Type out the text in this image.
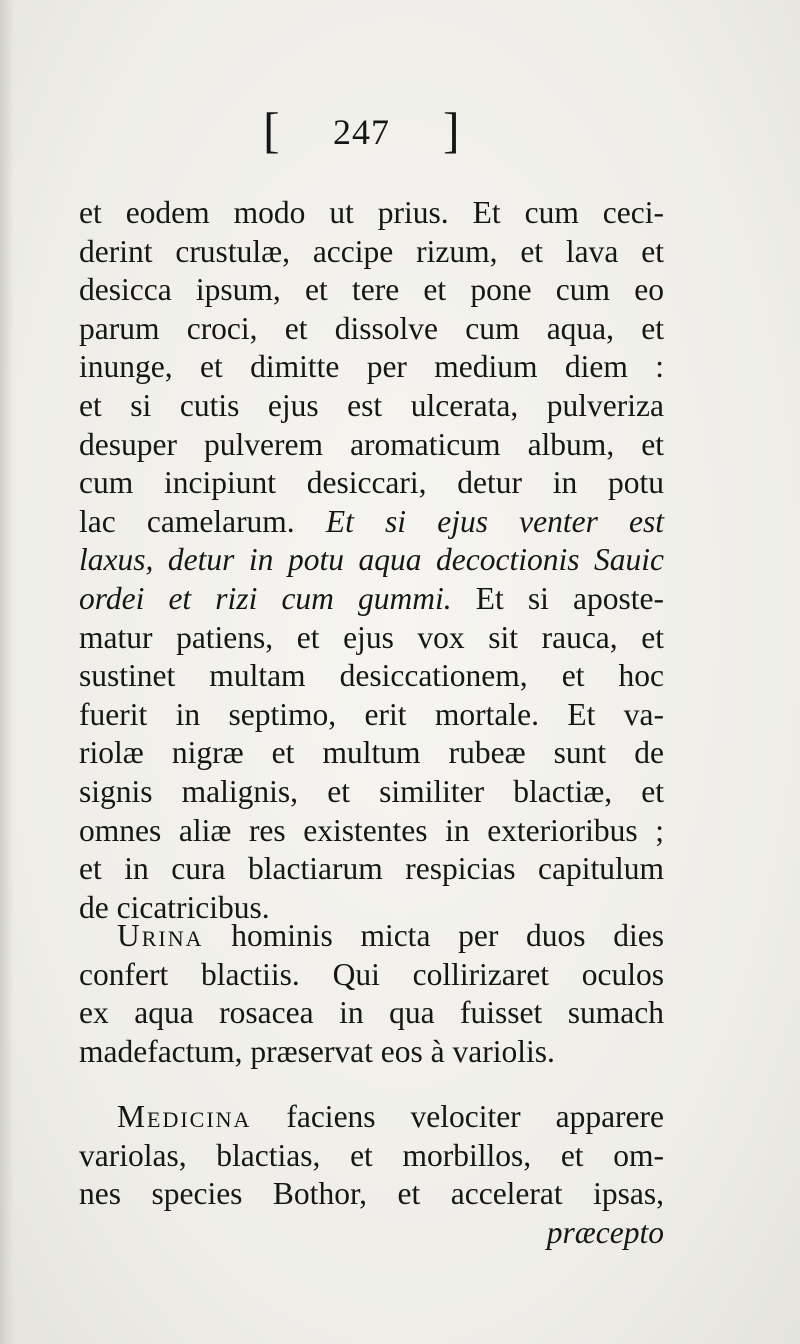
[ 247 ]
et eodem modo ut prius. Et cum ceci-
derint crustulæ, accipe rizum, et lava et
desicca ipsum, et tere et pone cum eo
parum croci, et dissolve cum aqua, et
inunge, et dimitte per medium diem :
et si cutis ejus est ulcerata, pulveriza
desuper pulverem aromaticum album, et
cum incipiunt desiccari, detur in potu
lac camelarum. Et si ejus venter est
laxus, detur in potu aqua decoctionis Sauic
ordei et rizi cum gummi. Et si aposte-
matur patiens, et ejus vox sit rauca, et
sustinet multam desiccationem, et hoc
fuerit in septimo, erit mortale. Et va-
riolæ nigræ et multum rubeæ sunt de
signis malignis, et similiter blactiæ, et
omnes aliæ res existentes in exterioribus ;
et in cura blactiarum respicias capitulum
de cicatricibus.
Urina hominis micta per duos dies
confert blactiis. Qui collirizaret oculos
ex aqua rosacea in qua fuisset sumach
madefactum, præservat eos à variolis.
Medicina faciens velociter apparere
variolas, blactias, et morbillos, et om-
nes species Bothor, et accelerat ipsas,
præcepto
